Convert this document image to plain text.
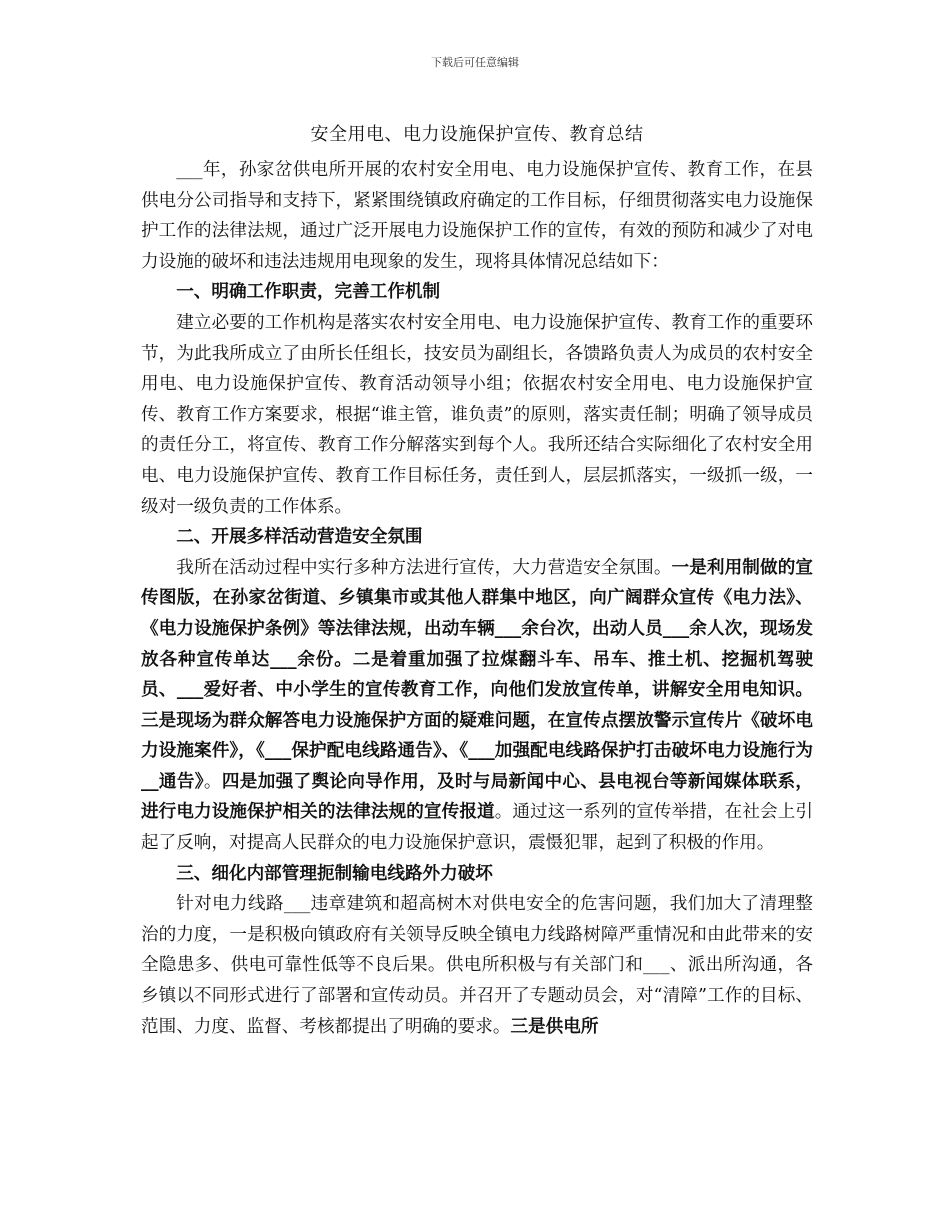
下载后可任意编辑
安全用电、电力设施保护宣传、教育总结

___年，孙家岔供电所开展的农村安全用电、电力设施保护宣传、教育工作，在县供电分公司指导和支持下，紧紧围绕镇政府确定的工作目标，仔细贯彻落实电力设施保护工作的法律法规，通过广泛开展电力设施保护工作的宣传，有效的预防和减少了对电力设施的破坏和违法违规用电现象的发生，现将具体情况总结如下：

一、明确工作职责，完善工作机制

建立必要的工作机构是落实农村安全用电、电力设施保护宣传、教育工作的重要环节，为此我所成立了由所长任组长，技安员为副组长，各馈路负责人为成员的农村安全用电、电力设施保护宣传、教育活动领导小组；依据农村安全用电、电力设施保护宣传、教育工作方案要求，根据“谁主管，谁负责”的原则，落实责任制；明确了领导成员的责任分工，将宣传、教育工作分解落实到每个人。我所还结合实际细化了农村安全用电、电力设施保护宣传、教育工作目标任务，责任到人，层层抓落实，一级抓一级，一级对一级负责的工作体系。

二、开展多样活动营造安全氛围

我所在活动过程中实行多种方法进行宣传，大力营造安全氛围。一是利用制做的宣传图版，在孙家岔街道、乡镇集市或其他人群集中地区，向广阔群众宣传《电力法》、《电力设施保护条例》等法律法规，出动车辆___余台次，出动人员___余人次，现场发放各种宣传单达___余份。二是着重加强了拉煤翻斗车、吊车、推土机、挖掘机驾驶员、___爱好者、中小学生的宣传教育工作，向他们发放宣传单，讲解安全用电知识。三是现场为群众解答电力设施保护方面的疑难问题，在宣传点摆放警示宣传片《破坏电力设施案件》，《___保护配电线路通告》、《___加强配电线路保护打击破坏电力设施行为__通告》。四是加强了舆论向导作用，及时与局新闻中心、县电视台等新闻媒体联系，进行电力设施保护相关的法律法规的宣传报道。通过这一系列的宣传举措，在社会上引起了反响，对提高人民群众的电力设施保护意识，震慑犯罪，起到了积极的作用。

三、细化内部管理扼制输电线路外力破坏

针对电力线路___违章建筑和超高树木对供电安全的危害问题，我们加大了清理整治的力度，一是积极向镇政府有关领导反映全镇电力线路树障严重情况和由此带来的安全隐患多、供电可靠性低等不良后果。供电所积极与有关部门和___、派出所沟通，各乡镇以不同形式进行了部署和宣传动员。并召开了专题动员会，对“清障”工作的目标、范围、力度、监督、考核都提出了明确的要求。三是供电所
